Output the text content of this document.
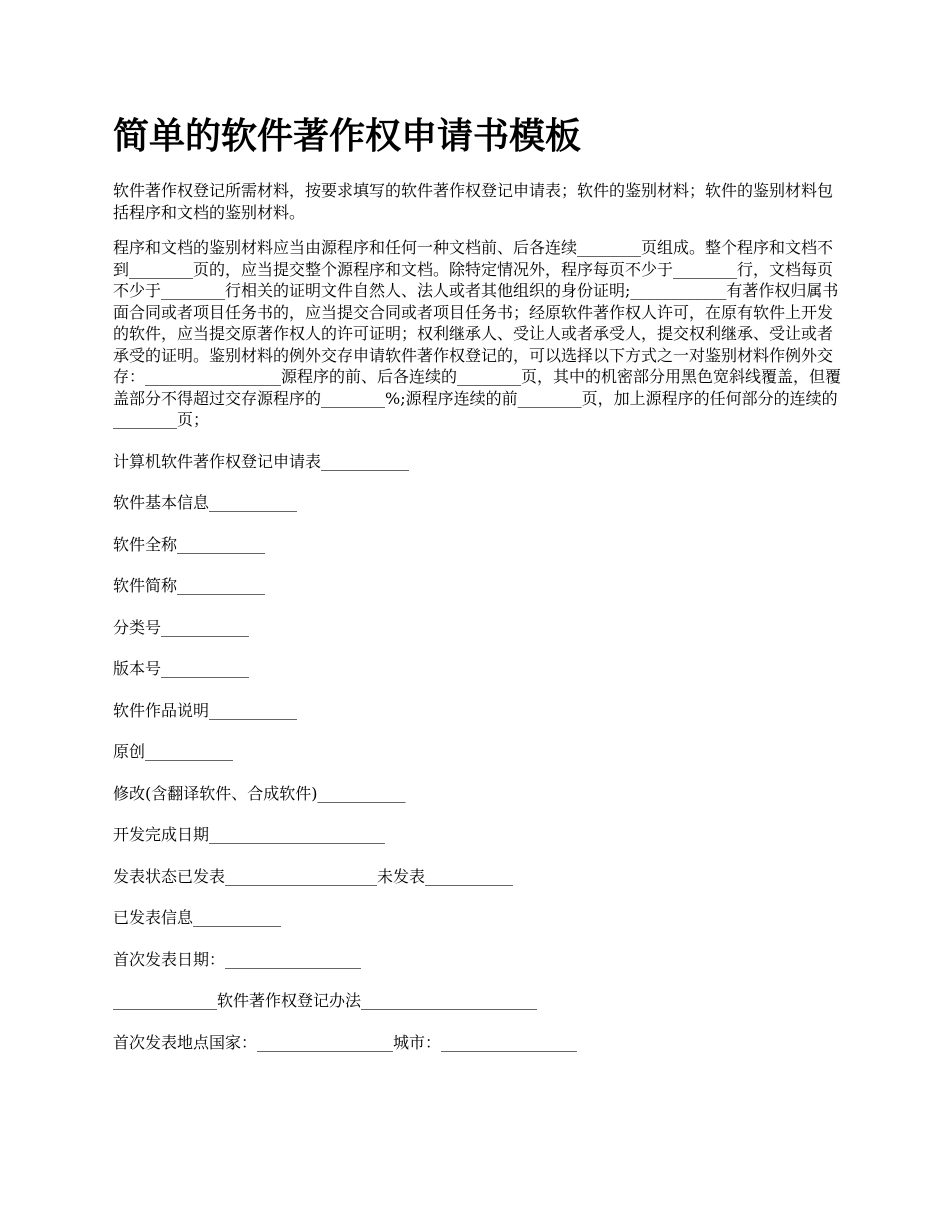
简单的软件著作权申请书模板

软件著作权登记所需材料，按要求填写的软件著作权登记申请表；软件的鉴别材料；软件的鉴别材料包括程序和文档的鉴别材料。

程序和文档的鉴别材料应当由源程序和任何一种文档前、后各连续________页组成。整个程序和文档不到________页的，应当提交整个源程序和文档。除特定情况外，程序每页不少于________行，文档每页不少于________行相关的证明文件自然人、法人或者其他组织的身份证明;____________有著作权归属书面合同或者项目任务书的，应当提交合同或者项目任务书；经原软件著作权人许可，在原有软件上开发的软件，应当提交原著作权人的许可证明；权利继承人、受让人或者承受人，提交权利继承、受让或者承受的证明。鉴别材料的例外交存申请软件著作权登记的，可以选择以下方式之一对鉴别材料作例外交存：_________________源程序的前、后各连续的________页，其中的机密部分用黑色宽斜线覆盖，但覆盖部分不得超过交存源程序的________%;源程序连续的前________页，加上源程序的任何部分的连续的________页；

计算机软件著作权登记申请表___________
软件基本信息___________
软件全称___________
软件简称___________
分类号___________
版本号___________
软件作品说明___________
原创___________
修改(含翻译软件、合成软件)___________
开发完成日期______________________
发表状态已发表___________________未发表___________
已发表信息___________
首次发表日期：_________________
_____________软件著作权登记办法______________________
首次发表地点国家：_________________城市：_________________
